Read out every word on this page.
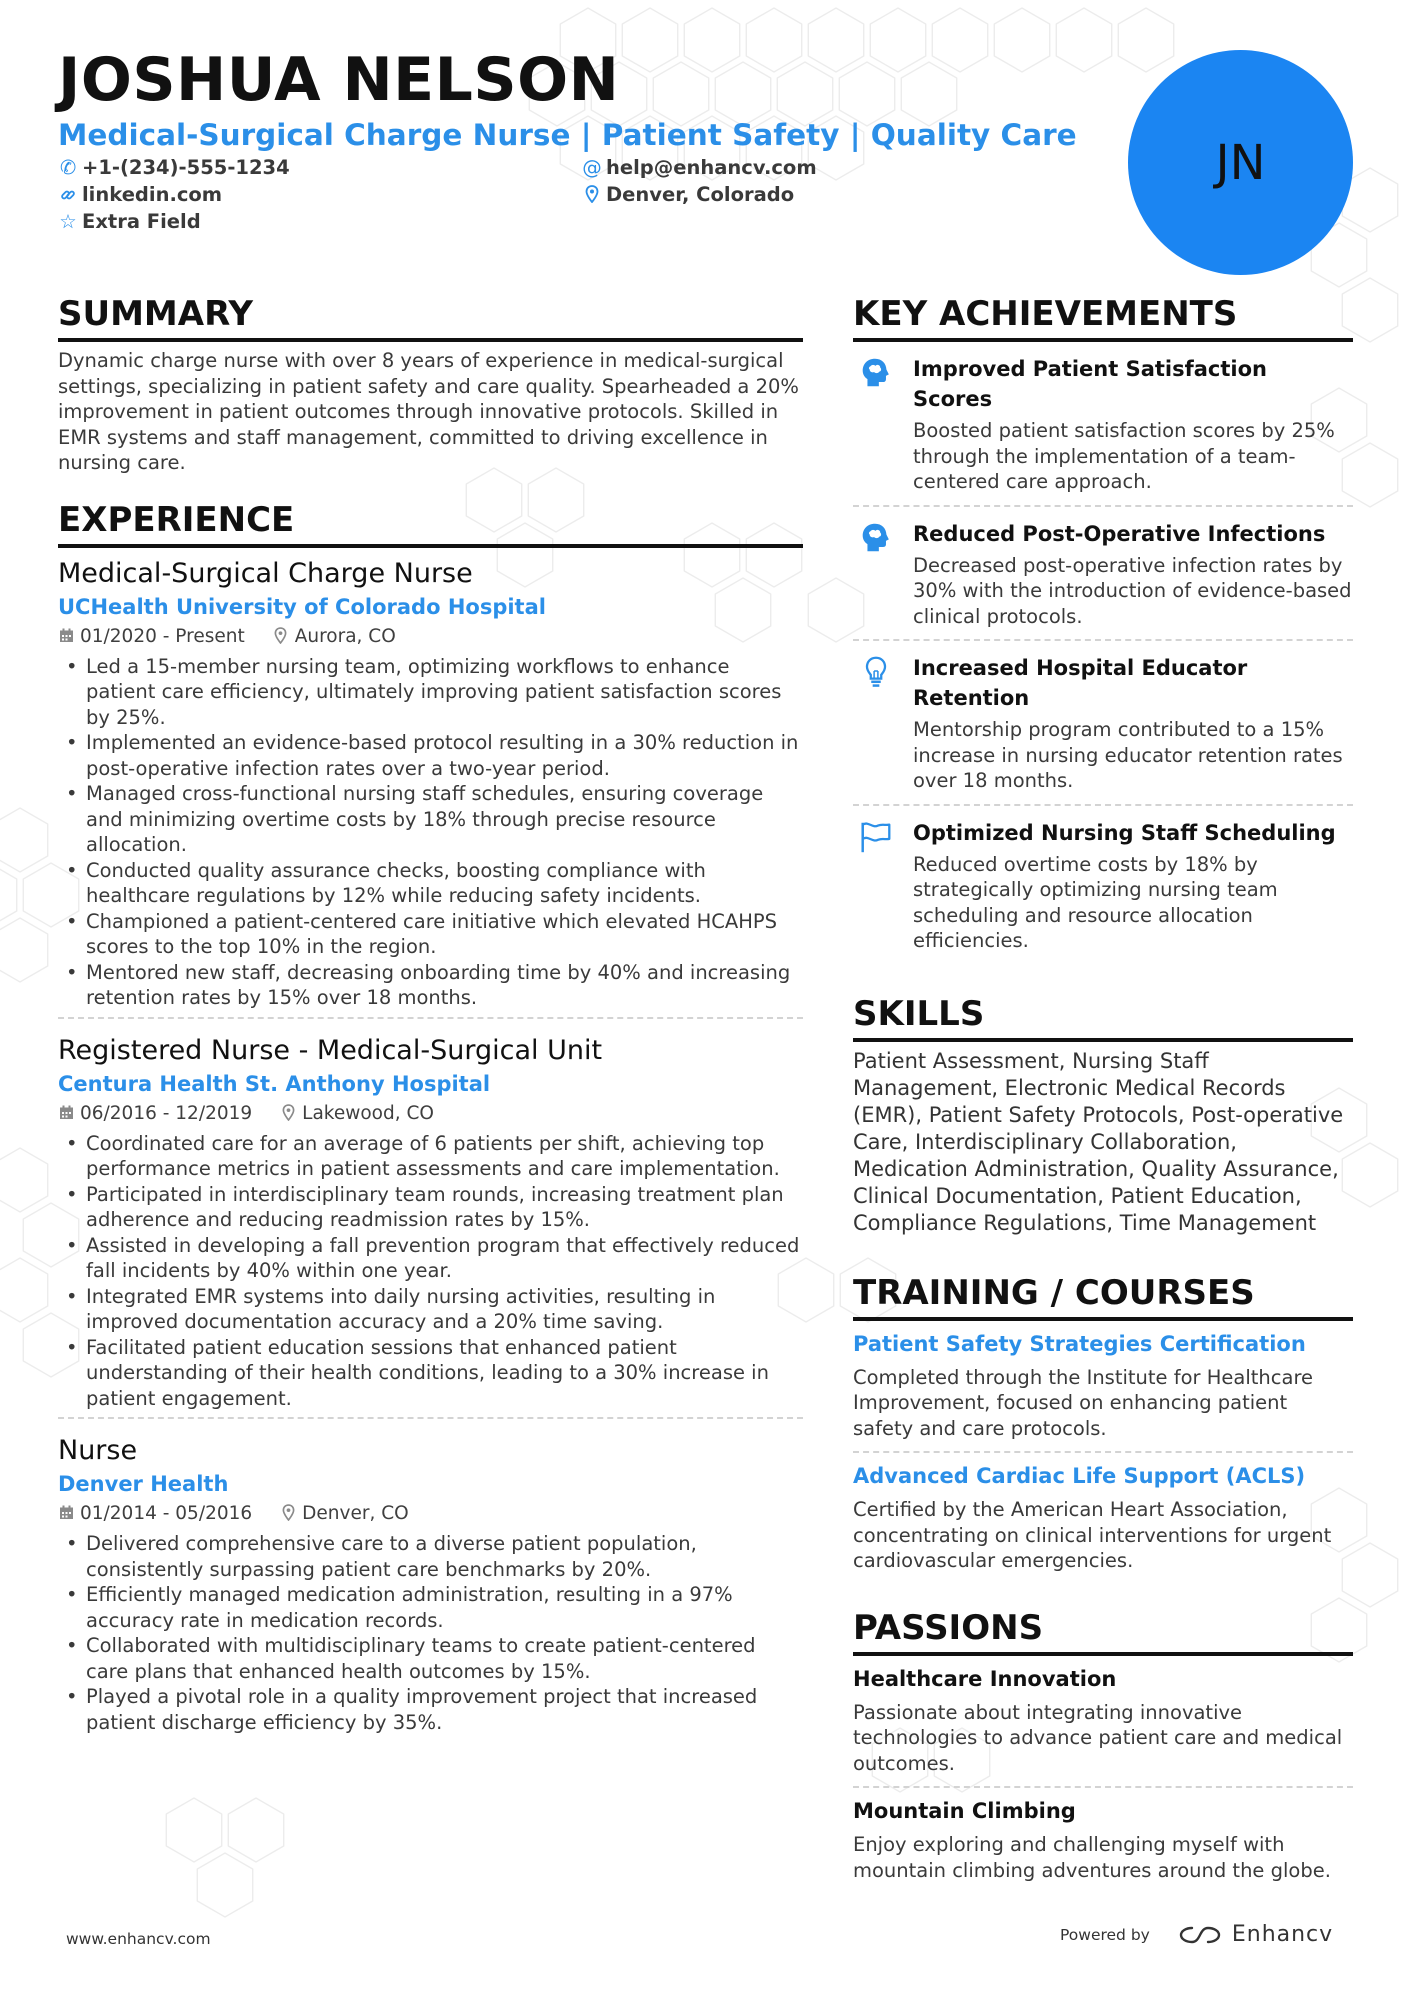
JOSHUA NELSON
Medical-Surgical Charge Nurse | Patient Safety | Quality Care
✆ +1-(234)-555-1234	@ help@enhancv.com
linkedin.com	Denver, Colorado
☆ Extra Field
JN
SUMMARY

Dynamic charge nurse with over 8 years of experience in medical-surgical settings, specializing in patient safety and care quality. Spearheaded a 20% improvement in patient outcomes through innovative protocols. Skilled in EMR systems and staff management, committed to driving excellence in nursing care.

EXPERIENCE
Medical-Surgical Charge Nurse
UCHealth University of Colorado Hospital
01/2020 - Present	Aurora, CO
• Led a 15-member nursing team, optimizing workflows to enhance patient care efficiency, ultimately improving patient satisfaction scores by 25%.
• Implemented an evidence-based protocol resulting in a 30% reduction in post-operative infection rates over a two-year period.
• Managed cross-functional nursing staff schedules, ensuring coverage and minimizing overtime costs by 18% through precise resource allocation.
• Conducted quality assurance checks, boosting compliance with healthcare regulations by 12% while reducing safety incidents.
• Championed a patient-centered care initiative which elevated HCAHPS scores to the top 10% in the region.
• Mentored new staff, decreasing onboarding time by 40% and increasing retention rates by 15% over 18 months.
Registered Nurse - Medical-Surgical Unit
Centura Health St. Anthony Hospital
06/2016 - 12/2019	Lakewood, CO
• Coordinated care for an average of 6 patients per shift, achieving top performance metrics in patient assessments and care implementation.
• Participated in interdisciplinary team rounds, increasing treatment plan adherence and reducing readmission rates by 15%.
• Assisted in developing a fall prevention program that effectively reduced fall incidents by 40% within one year.
• Integrated EMR systems into daily nursing activities, resulting in improved documentation accuracy and a 20% time saving.
• Facilitated patient education sessions that enhanced patient understanding of their health conditions, leading to a 30% increase in patient engagement.
Nurse
Denver Health
01/2014 - 05/2016	Denver, CO
• Delivered comprehensive care to a diverse patient population, consistently surpassing patient care benchmarks by 20%.
• Efficiently managed medication administration, resulting in a 97% accuracy rate in medication records.
• Collaborated with multidisciplinary teams to create patient-centered care plans that enhanced health outcomes by 15%.
• Played a pivotal role in a quality improvement project that increased patient discharge efficiency by 35%.
KEY ACHIEVEMENTS
Improved Patient Satisfaction Scores
Boosted patient satisfaction scores by 25% through the implementation of a team-centered care approach.
Reduced Post-Operative Infections
Decreased post-operative infection rates by 30% with the introduction of evidence-based clinical protocols.
Increased Hospital Educator Retention
Mentorship program contributed to a 15% increase in nursing educator retention rates over 18 months.
Optimized Nursing Staff Scheduling
Reduced overtime costs by 18% by strategically optimizing nursing team scheduling and resource allocation efficiencies.
SKILLS

Patient Assessment, Nursing Staff Management, Electronic Medical Records (EMR), Patient Safety Protocols, Post-operative Care, Interdisciplinary Collaboration, Medication Administration, Quality Assurance, Clinical Documentation, Patient Education, Compliance Regulations, Time Management

TRAINING / COURSES
Patient Safety Strategies Certification
Completed through the Institute for Healthcare Improvement, focused on enhancing patient safety and care protocols.
Advanced Cardiac Life Support (ACLS)
Certified by the American Heart Association, concentrating on clinical interventions for urgent cardiovascular emergencies.
PASSIONS
Healthcare Innovation
Passionate about integrating innovative technologies to advance patient care and medical outcomes.
Mountain Climbing
Enjoy exploring and challenging myself with mountain climbing adventures around the globe.
www.enhancv.com	Powered by	Enhancv
